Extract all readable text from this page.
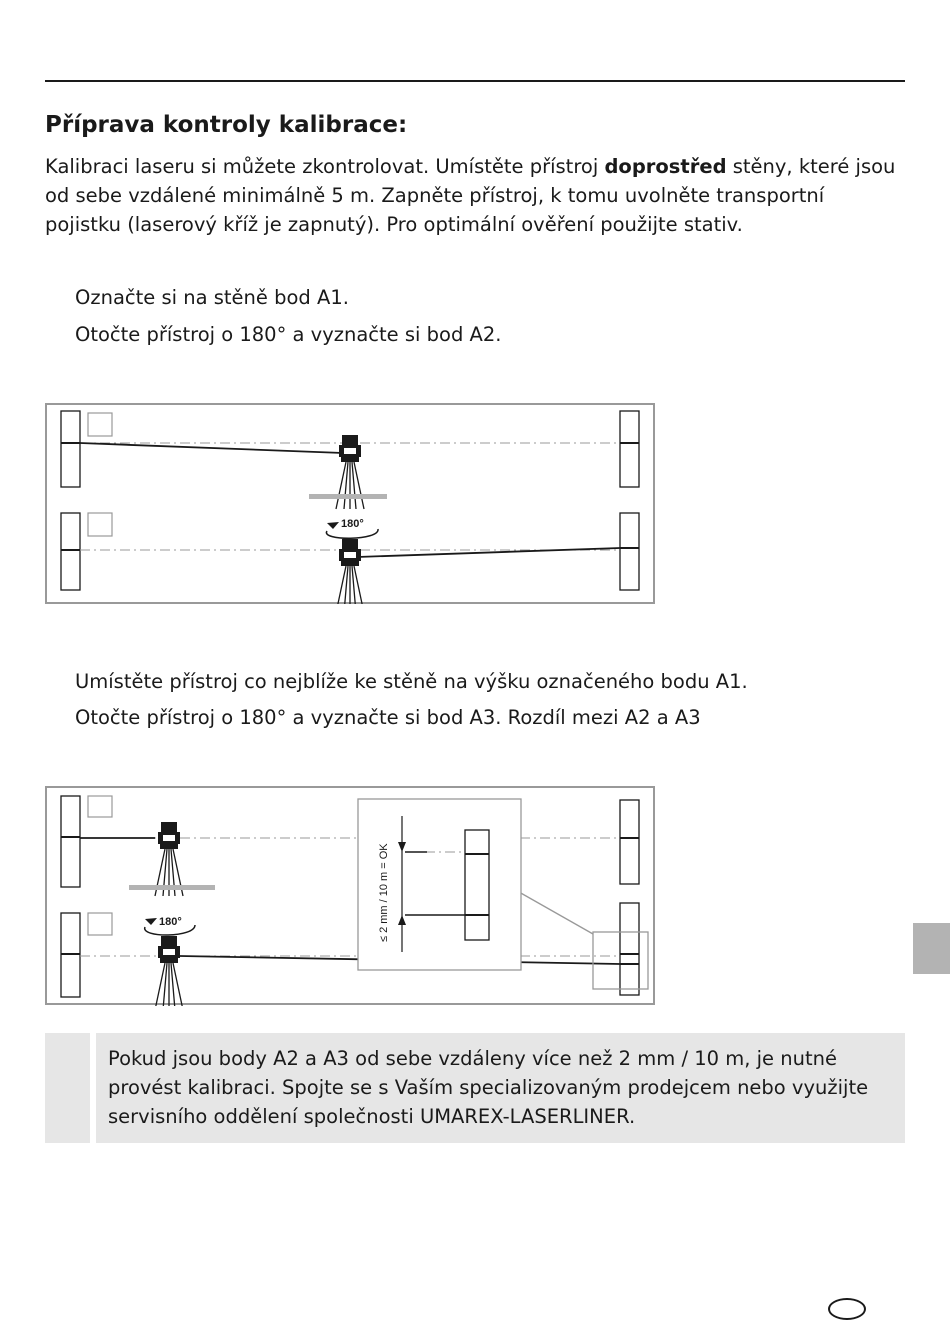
Příprava kontroly kalibrace:
Kalibraci laseru si můžete zkontrolovat. Umístěte přístroj doprostřed stěny, které jsou od sebe vzdálené minimálně 5 m. Zapněte přístroj, k tomu uvolněte transportní pojistku (laserový kříž je zapnutý). Pro optimální ověření použijte stativ.
Označte si na stěně bod A1.
Otočte přístroj o 180° a vyznačte si bod A2.
180°
Umístěte přístroj co nejblíže ke stěně na výšku označeného bodu A1.
Otočte přístroj o 180° a vyznačte si bod A3. Rozdíl mezi A2 a A3
180°	≤ 2 mm / 10 m = OK
Pokud jsou body A2 a A3 od sebe vzdáleny více než 2 mm / 10 m, je nutné provést kalibraci. Spojte se s Vaším specializovaným prodejcem nebo využijte servisního oddělení společnosti UMAREX-LASERLINER.
